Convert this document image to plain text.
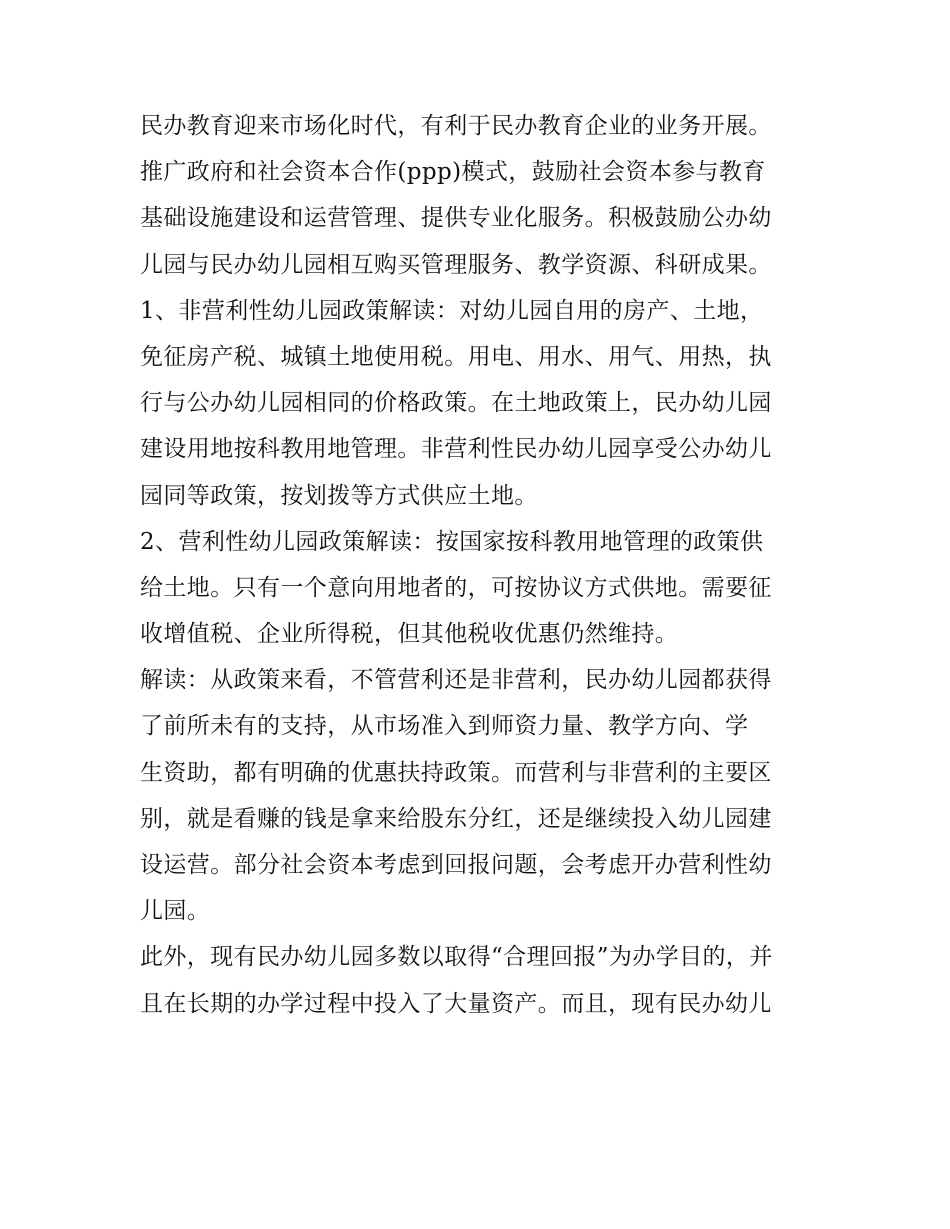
民办教育迎来市场化时代，有利于民办教育企业的业务开展。
推广政府和社会资本合作(ppp)模式，鼓励社会资本参与教育
基础设施建设和运营管理、提供专业化服务。积极鼓励公办幼
儿园与民办幼儿园相互购买管理服务、教学资源、科研成果。
1、非营利性幼儿园政策解读：对幼儿园自用的房产、土地，
免征房产税、城镇土地使用税。用电、用水、用气、用热，执
行与公办幼儿园相同的价格政策。在土地政策上，民办幼儿园
建设用地按科教用地管理。非营利性民办幼儿园享受公办幼儿
园同等政策，按划拨等方式供应土地。
2、营利性幼儿园政策解读：按国家按科教用地管理的政策供
给土地。只有一个意向用地者的，可按协议方式供地。需要征
收增值税、企业所得税，但其他税收优惠仍然维持。
解读：从政策来看，不管营利还是非营利，民办幼儿园都获得
了前所未有的支持，从市场准入到师资力量、教学方向、学
生资助，都有明确的优惠扶持政策。而营利与非营利的主要区
别，就是看赚的钱是拿来给股东分红，还是继续投入幼儿园建
设运营。部分社会资本考虑到回报问题，会考虑开办营利性幼
儿园。
此外，现有民办幼儿园多数以取得“合理回报”为办学目的，并
且在长期的办学过程中投入了大量资产。而且，现有民办幼儿
